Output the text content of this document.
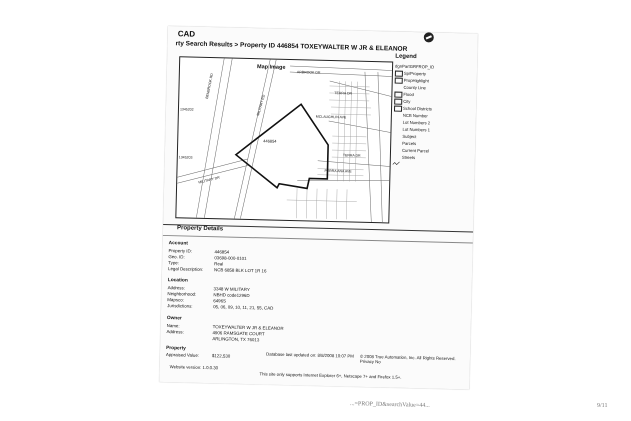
CAD
rty Search Results > Property ID 446854 TOXEYWALTER W JR & ELEANOR
Map Image
446854
BENBROOK RD
MILITARY RD
ARBROOK DR
MILITARY DR
TERRA DR
MCLAUGHLIN AVE
TERRA DR
PERRA ANA AVE
1345202
1345203
Legend
dgnPartGRFROP_ID
Sp/Property
PropHighlight
County Line
Flood
City
School Districts
NCB Number
Lot Numbers 2
Lot Numbers 1
Subject
Parcels
Current Parcel
Streets
Property Details
Account
Property ID:	446854
Geo. ID:	03698-000-0101
Type:	Real
Legal Description: NCB 6858 BLK LOT 1R 16
Location
Address:	3348 W MILITARY
Neighborhood:	NBHD code1296D
Mapsco:	6496S
Jurisdictions:	05, 06, 09, 10, 11, 21, 55, CAD
Owner
Name:	TOXEYWALTER W JR & ELEANOR
Address:	4906 RAMSGATE COURT
ARLINGTON, TX 76013
Property
Appraised Value:	$122,530	Database last updated on: 8/8/2008 10:07 PM	© 2008 True Automation, Inc. All Rights Reserved. Privacy No
Website version: 1.0.0.30
This site only supports Internet Explorer 6+, Netscape 7+ and Firefox 1.5+.
...=PROP_ID&searchValue=44...	9/11
